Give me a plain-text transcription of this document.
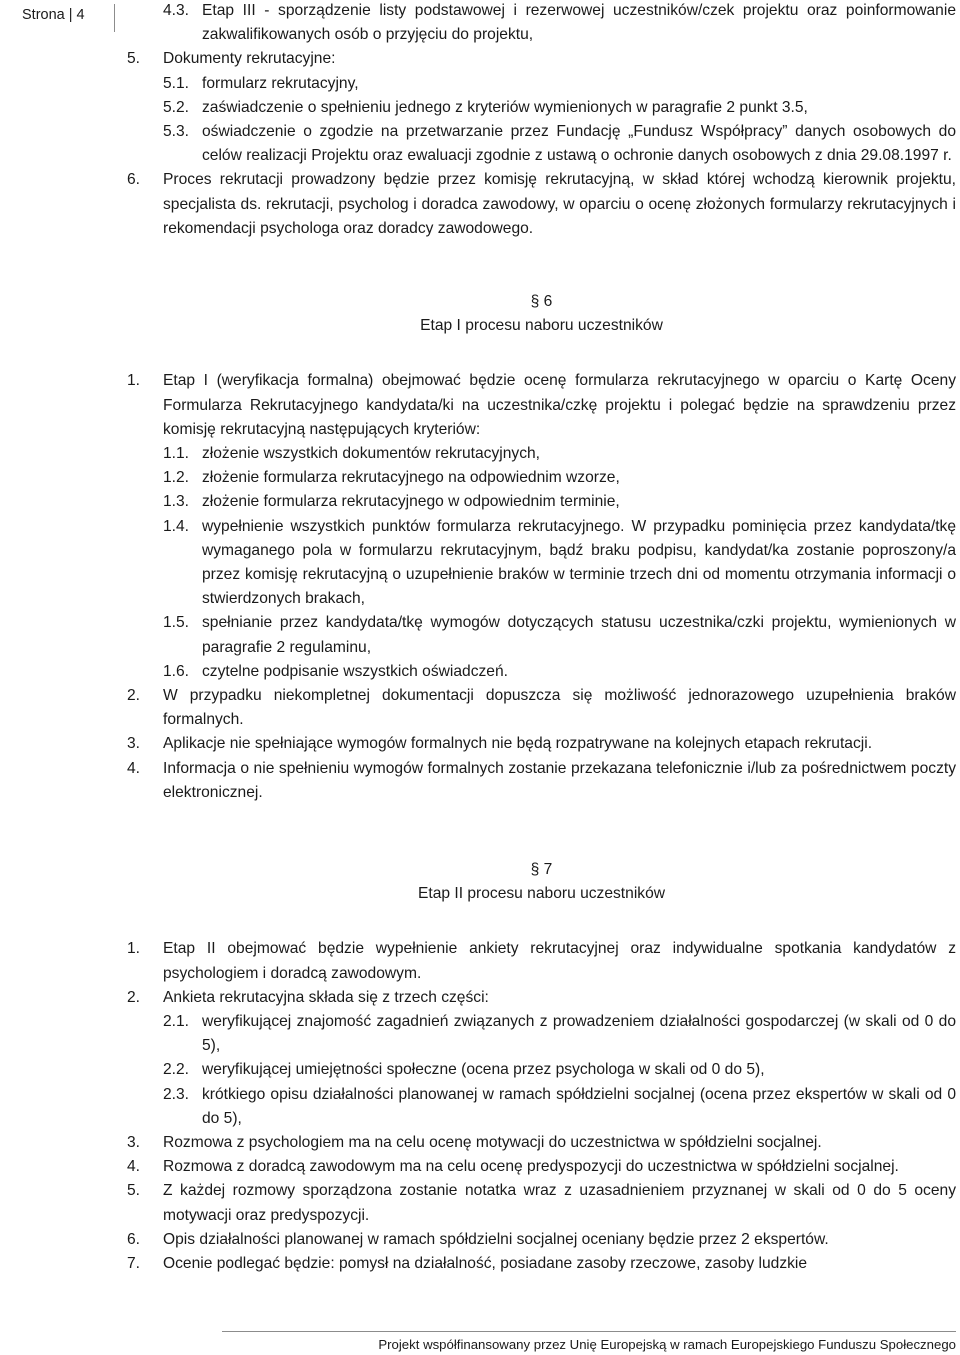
Strona | 4	4.3. Etap III - sporządzenie listy podstawowej i rezerwowej uczestników/czek projektu oraz poinformowanie zakwalifikowanych osób o przyjęciu do projektu,
5.	Dokumenty rekrutacyjne:
5.1. formularz rekrutacyjny,
5.2. zaświadczenie o spełnieniu jednego z kryteriów wymienionych w paragrafie 2 punkt 3.5,
5.3. oświadczenie o zgodzie na przetwarzanie przez Fundację „Fundusz Współpracy” danych osobowych do celów realizacji Projektu oraz ewaluacji zgodnie z ustawą o ochronie danych osobowych z dnia 29.08.1997 r.
6.	Proces rekrutacji prowadzony będzie przez komisję rekrutacyjną, w skład której wchodzą kierownik projektu, specjalista ds. rekrutacji, psycholog i doradca zawodowy, w oparciu o ocenę złożonych formularzy rekrutacyjnych i rekomendacji psychologa oraz doradcy zawodowego.

§ 6

Etap I procesu naboru uczestników

1.	Etap I (weryfikacja formalna) obejmować będzie ocenę formularza rekrutacyjnego w oparciu o Kartę Oceny Formularza Rekrutacyjnego kandydata/ki na uczestnika/czkę projektu i polegać będzie na sprawdzeniu przez komisję rekrutacyjną następujących kryteriów:
1.1. złożenie wszystkich dokumentów rekrutacyjnych,
1.2. złożenie formularza rekrutacyjnego na odpowiednim wzorze,
1.3. złożenie formularza rekrutacyjnego w odpowiednim terminie,
1.4. wypełnienie wszystkich punktów formularza rekrutacyjnego. W przypadku pominięcia przez kandydata/tkę wymaganego pola w formularzu rekrutacyjnym, bądź braku podpisu, kandydat/ka zostanie poproszony/a przez komisję rekrutacyjną o uzupełnienie braków w terminie trzech dni od momentu otrzymania informacji o stwierdzonych brakach,
1.5. spełnianie przez kandydata/tkę wymogów dotyczących statusu uczestnika/czki projektu, wymienionych w paragrafie 2 regulaminu,
1.6. czytelne podpisanie wszystkich oświadczeń.
2.	W przypadku niekompletnej dokumentacji dopuszcza się możliwość jednorazowego uzupełnienia braków formalnych.
3.	Aplikacje nie spełniające wymogów formalnych nie będą rozpatrywane na kolejnych etapach rekrutacji.
4.	Informacja o nie spełnieniu wymogów formalnych zostanie przekazana telefonicznie i/lub za pośrednictwem poczty elektronicznej.

§ 7

Etap II procesu naboru uczestników

1.	Etap II obejmować będzie wypełnienie ankiety rekrutacyjnej oraz indywidualne spotkania kandydatów z psychologiem i doradcą zawodowym.
2.	Ankieta rekrutacyjna składa się z trzech części:
2.1. weryfikującej znajomość zagadnień związanych z prowadzeniem działalności gospodarczej (w skali od 0 do 5),
2.2. weryfikującej umiejętności społeczne (ocena przez psychologa w skali od 0 do 5),
2.3. krótkiego opisu działalności planowanej w ramach spółdzielni socjalnej (ocena przez ekspertów w skali od 0 do 5),
3.	Rozmowa z psychologiem ma na celu ocenę motywacji do uczestnictwa w spółdzielni socjalnej.
4.	Rozmowa z doradcą zawodowym ma na celu ocenę predyspozycji do uczestnictwa w spółdzielni socjalnej.
5.	Z każdej rozmowy sporządzona zostanie notatka wraz z uzasadnieniem przyznanej w skali od 0 do 5 oceny motywacji oraz predyspozycji.
6.	Opis działalności planowanej w ramach spółdzielni socjalnej oceniany będzie przez 2 ekspertów.
7.	Ocenie podlegać będzie: pomysł na działalność, posiadane zasoby rzeczowe, zasoby ludzkie
Projekt współfinansowany przez Unię Europejską w ramach Europejskiego Funduszu Społecznego
